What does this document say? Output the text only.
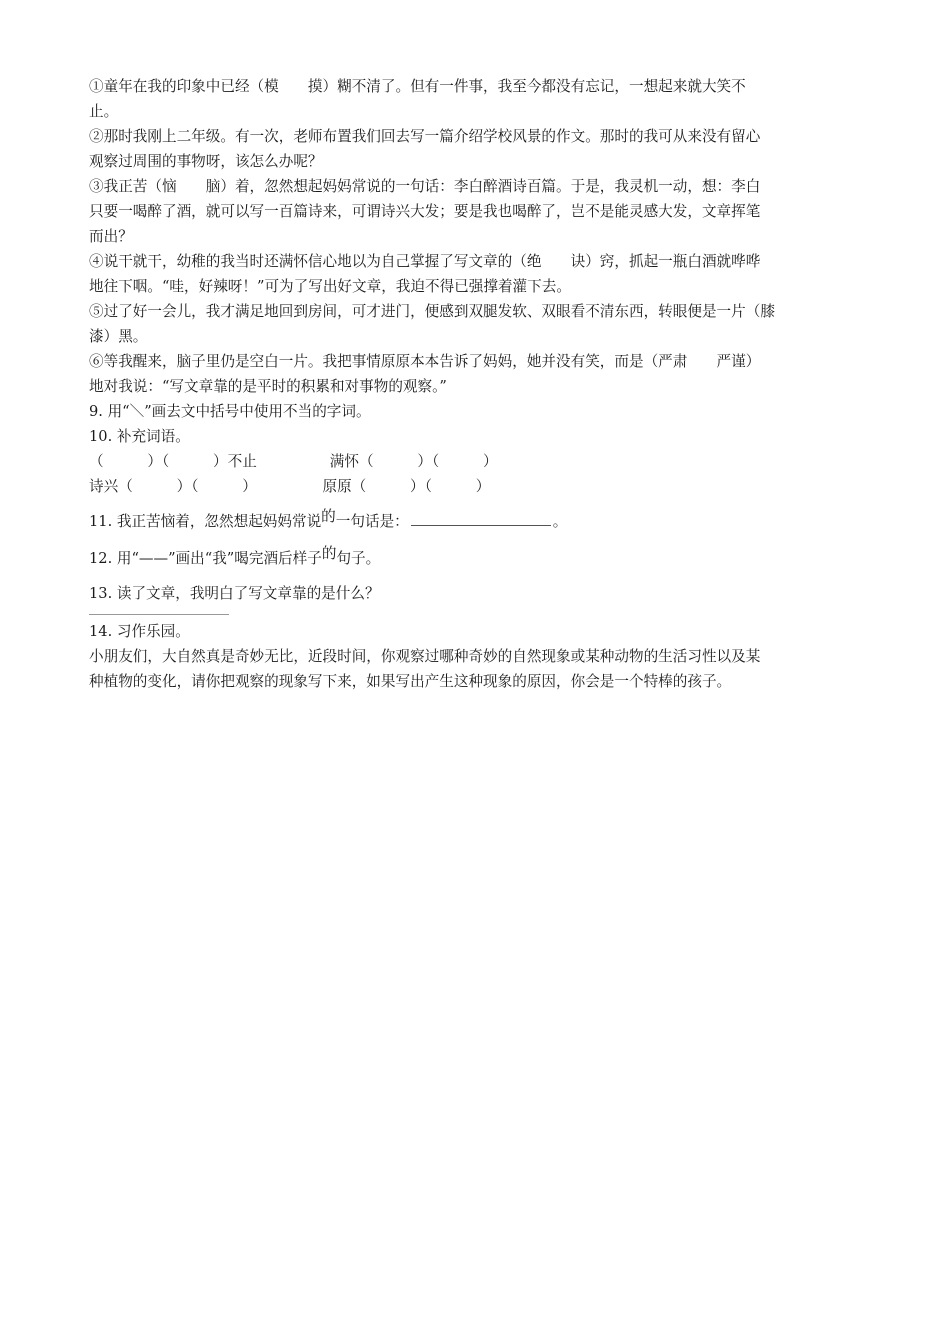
①童年在我的印象中已经（模　　摸）糊不清了。但有一件事，我至今都没有忘记，一想起来就大笑不
止。

②那时我刚上二年级。有一次，老师布置我们回去写一篇介绍学校风景的作文。那时的我可从来没有留心
观察过周围的事物呀，该怎么办呢？

③我正苦（恼　　脑）着，忽然想起妈妈常说的一句话：李白醉酒诗百篇。于是，我灵机一动，想：李白
只要一喝醉了酒，就可以写一百篇诗来，可谓诗兴大发；要是我也喝醉了，岂不是能灵感大发，文章挥笔
而出？

④说干就干，幼稚的我当时还满怀信心地以为自己掌握了写文章的（绝　　诀）窍，抓起一瓶白酒就哗哗
地往下咽。“哇，好辣呀！”可为了写出好文章，我迫不得已强撑着灌下去。

⑤过了好一会儿，我才满足地回到房间，可才进门，便感到双腿发软、双眼看不清东西，转眼便是一片（膝
漆）黑。

⑥等我醒来，脑子里仍是空白一片。我把事情原原本本告诉了妈妈，她并没有笑，而是（严肃　　严谨）
地对我说：“写文章靠的是平时的积累和对事物的观察。”

9. 用“＼”画去文中括号中使用不当的字词。

10. 补充词语。

（　　　）（　　　）不止　　　　　满怀（　　　）（　　　）
诗兴（　　　）（　　　）　　　　　原原（　　　）（　　　）

11. 我正苦恼着，忽然想起妈妈常说的一句话是：	。

12. 用“——”画出“我”喝完酒后样子的句子。

13. 读了文章，我明白了写文章靠的是什么？

14. 习作乐园。

小朋友们，大自然真是奇妙无比，近段时间，你观察过哪种奇妙的自然现象或某种动物的生活习性以及某
种植物的变化，请你把观察的现象写下来，如果写出产生这种现象的原因，你会是一个特棒的孩子。
